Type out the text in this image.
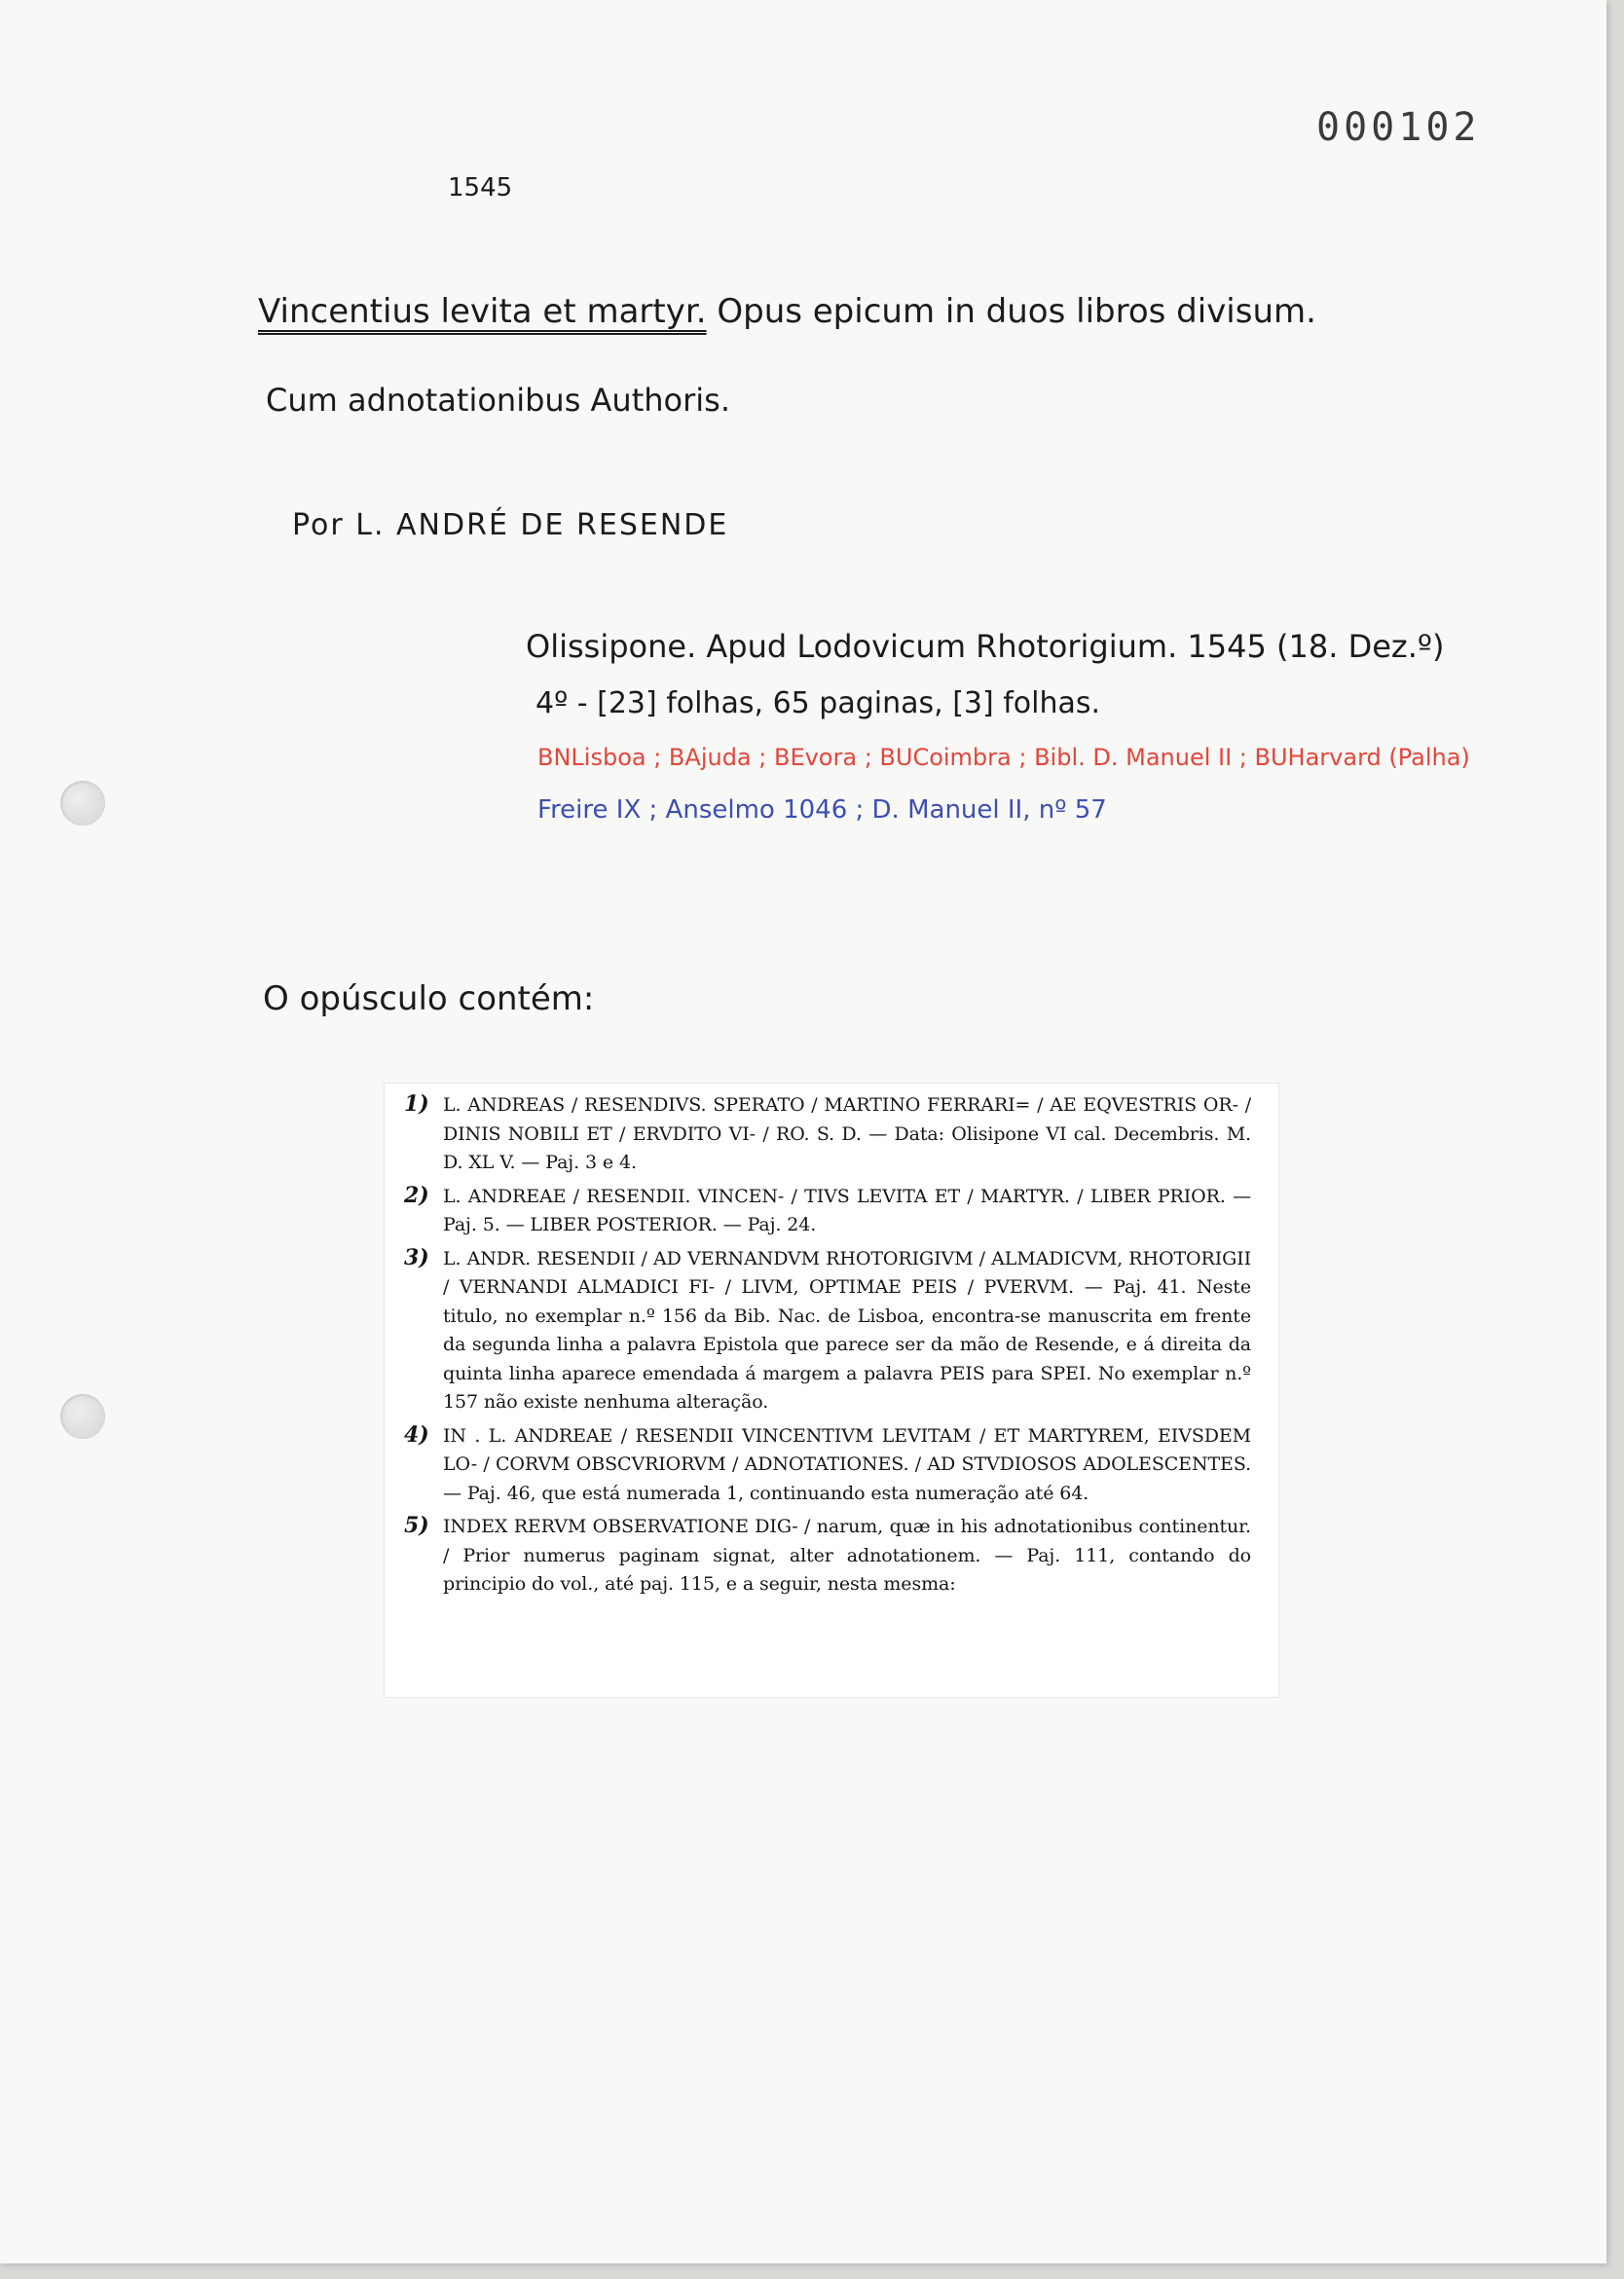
000102
1545
Vincentius levita et martyr. Opus epicum in duos libros divisum.
Cum adnotationibus Authoris.
Por L. ANDRÉ DE RESENDE
Olissipone. Apud Lodovicum Rhotorigium. 1545 (18. Dez.º)
4º - [23] folhas, 65 paginas, [3] folhas.
BNLisboa ; BAjuda ; BEvora ; BUCoimbra ; Bibl. D. Manuel II ; BUHarvard (Palha)
Freire IX ; Anselmo 1046 ; D. Manuel II, nº 57
O opúsculo contém:
1) L. ANDREAS / RESENDIVS. SPERATO / MARTINO FERRARI= / AE EQVESTRIS OR- / DINIS NOBILI ET / ERVDITO VI- / RO. S. D. — Data: Olisipone VI cal. Decembris. M. D. XL V. — Paj. 3 e 4.
2) L. ANDREAE / RESENDII. VINCEN- / TIVS LEVITA ET / MARTYR. / LIBER PRIOR. — Paj. 5. — LIBER POSTERIOR. — Paj. 24.
3) L. ANDR. RESENDII / AD VERNANDVM RHOTORIGIVM / ALMADICVM, RHOTORIGII / VERNANDI ALMADICI FI- / LIVM, OPTIMAE PEIS / PVERVM. — Paj. 41. Neste titulo, no exemplar n.º 156 da Bib. Nac. de Lisboa, encontra-se manuscrita em frente da segunda linha a palavra Epistola que parece ser da mão de Resende, e á direita da quinta linha aparece emendada á margem a palavra PEIS para SPEI. No exemplar n.º 157 não existe nenhuma alteração.
4) IN . L. ANDREAE / RESENDII VINCENTIVM LEVITAM / ET MARTYREM, EIVSDEM LO- / CORVM OBSCVRIORVM / ADNOTATIONES. / AD STVDIOSOS ADOLESCENTES. — Paj. 46, que está numerada 1, continuando esta numeração até 64.
5) INDEX RERVM OBSERVATIONE DIG- / narum, quæ in his adnotationibus continentur. / Prior numerus paginam signat, alter adnotationem. — Paj. 111, contando do principio do vol., até paj. 115, e a seguir, nesta mesma:
